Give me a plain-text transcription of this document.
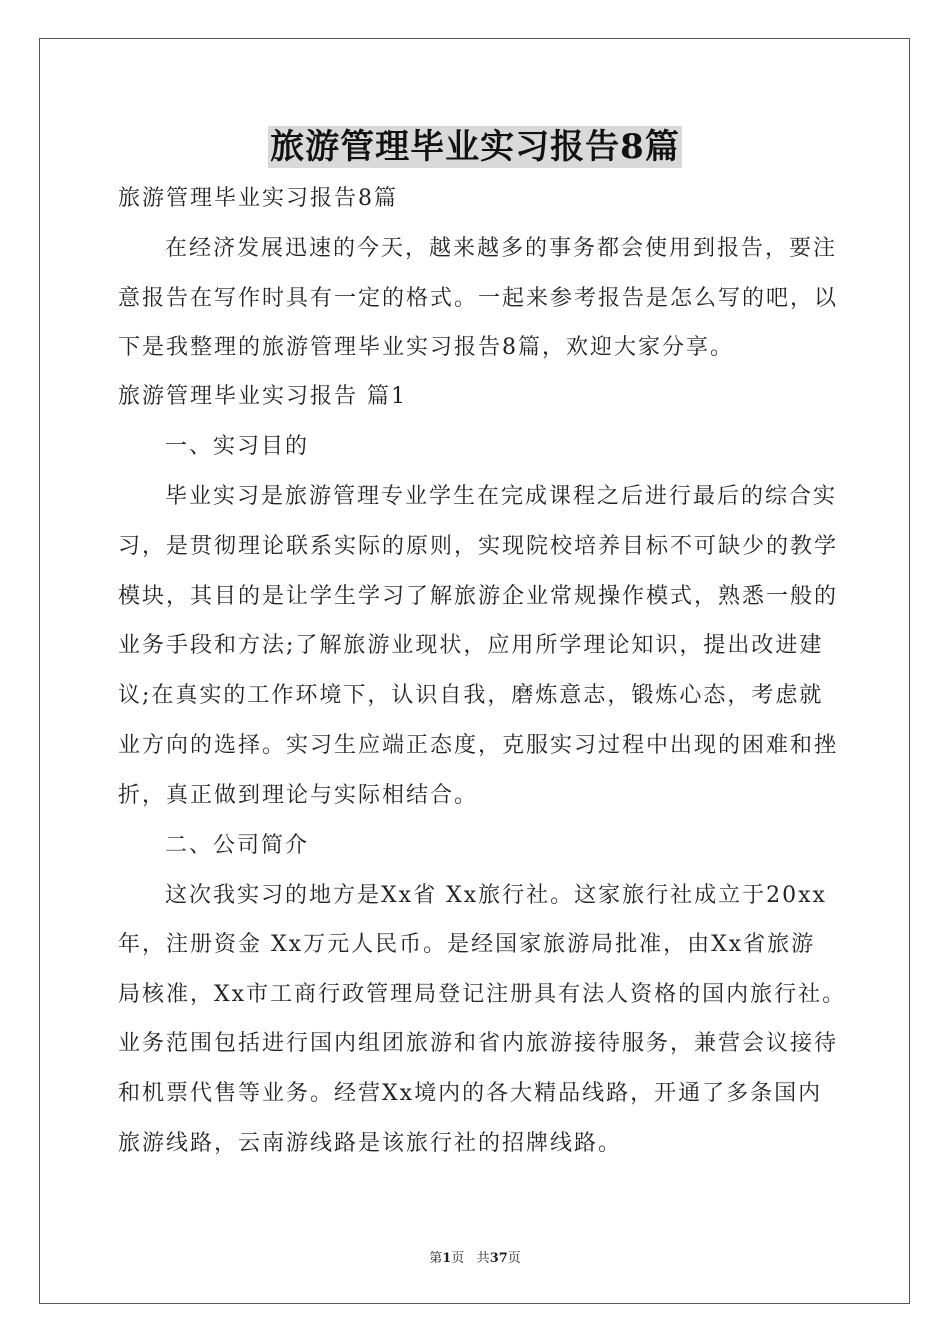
旅游管理毕业实习报告8篇
旅游管理毕业实习报告8篇
在经济发展迅速的今天，越来越多的事务都会使用到报告，要注
意报告在写作时具有一定的格式。一起来参考报告是怎么写的吧，以
下是我整理的旅游管理毕业实习报告8篇，欢迎大家分享。
旅游管理毕业实习报告 篇1
一、实习目的
毕业实习是旅游管理专业学生在完成课程之后进行最后的综合实
习，是贯彻理论联系实际的原则，实现院校培养目标不可缺少的教学
模块，其目的是让学生学习了解旅游企业常规操作模式，熟悉一般的
业务手段和方法;了解旅游业现状，应用所学理论知识，提出改进建
议;在真实的工作环境下，认识自我，磨炼意志，锻炼心态，考虑就
业方向的选择。实习生应端正态度，克服实习过程中出现的困难和挫
折，真正做到理论与实际相结合。
二、公司简介
这次我实习的地方是Xx省 Xx旅行社。这家旅行社成立于20xx
年，注册资金 Xx万元人民币。是经国家旅游局批准，由Xx省旅游
局核准，Xx市工商行政管理局登记注册具有法人资格的国内旅行社。
业务范围包括进行国内组团旅游和省内旅游接待服务，兼营会议接待
和机票代售等业务。经营Xx境内的各大精品线路，开通了多条国内
旅游线路，云南游线路是该旅行社的招牌线路。
第1页 共37页
